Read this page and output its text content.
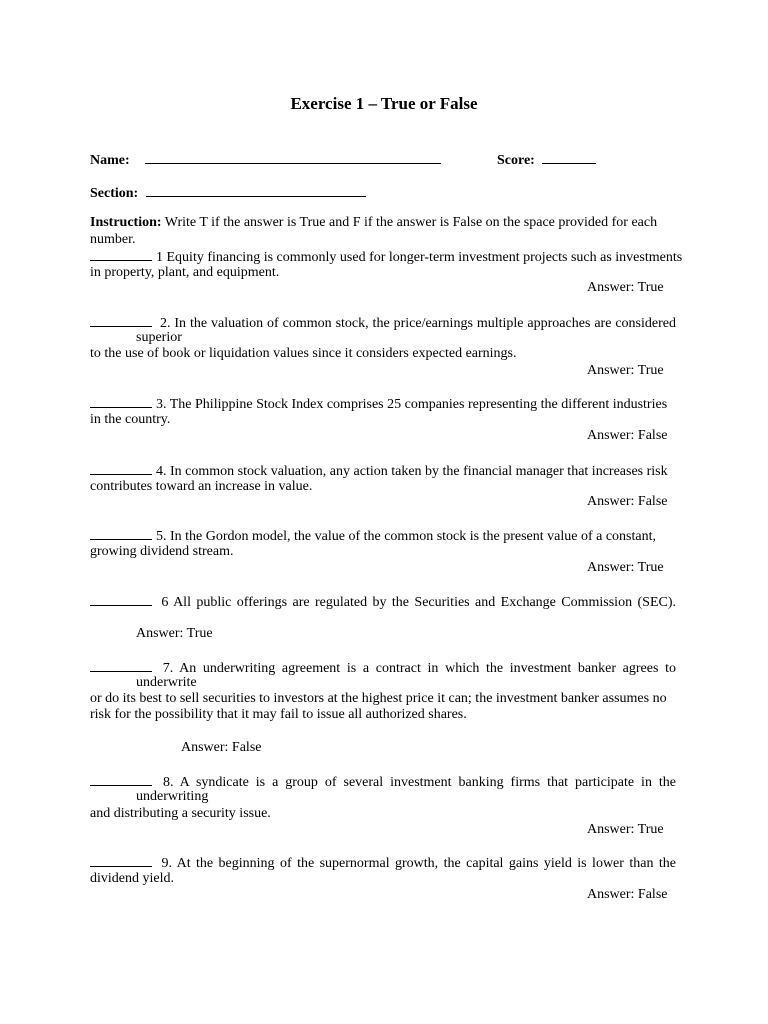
Exercise 1 – True or False
Name:	Score:
Section:
Instruction: Write T if the answer is True and F if the answer is False on the space provided for each
number.
1 Equity financing is commonly used for longer-term investment projects such as investments
in property, plant, and equipment.
Answer: True
2. In the valuation of common stock, the price/earnings multiple approaches are considered
superior
to the use of book or liquidation values since it considers expected earnings.
Answer: True
3. The Philippine Stock Index comprises 25 companies representing the different industries
in the country.
Answer: False
4. In common stock valuation, any action taken by the financial manager that increases risk
contributes toward an increase in value.
Answer: False
5. In the Gordon model, the value of the common stock is the present value of a constant,
growing dividend stream.
Answer: True
6 All public offerings are regulated by the Securities and Exchange Commission (SEC).
Answer: True
7. An underwriting agreement is a contract in which the investment banker agrees to
underwrite
or do its best to sell securities to investors at the highest price it can; the investment banker assumes no
risk for the possibility that it may fail to issue all authorized shares.
Answer: False
8. A syndicate is a group of several investment banking firms that participate in the
underwriting
and distributing a security issue.
Answer: True
9. At the beginning of the supernormal growth, the capital gains yield is lower than the
dividend yield.
Answer: False
